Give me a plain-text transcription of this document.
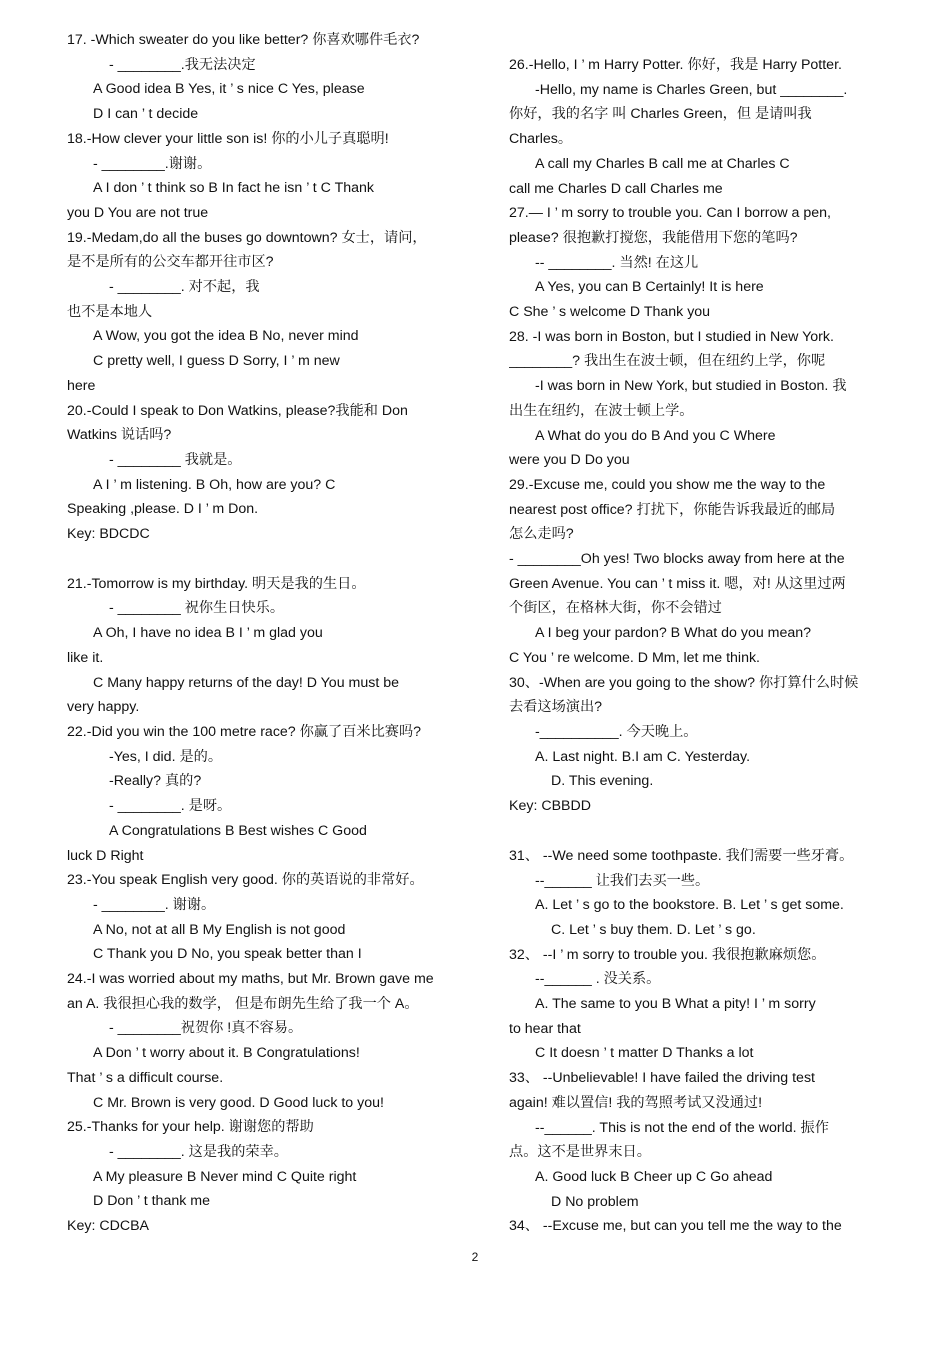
17. -Which sweater do you like better? 你喜欢哪件毛衣?
- ________.我无法决定
A Good idea B Yes, it ’ s nice C Yes, please
D I can ’ t decide
18.-How clever your little son is! 你的小儿子真聪明!
- ________.谢谢。
A I don ’ t think so B In fact he isn ’ t C Thank
you D You are not true
19.-Medam,do all the buses go downtown? 女士，请问，
是不是所有的公交车都开往市区?
- ________. 对不起，我
也不是本地人
A Wow, you got the idea B No, never mind
C pretty well, I guess D Sorry, I ’ m new
here
20.-Could I speak to Don Watkins, please?我能和 Don
Watkins 说话吗?
- ________ 我就是。
A I ’ m listening. B Oh, how are you? C
Speaking ,please. D I ’ m Don.
Key: BDCDC
21.-Tomorrow is my birthday. 明天是我的生日。
- ________ 祝你生日快乐。
A Oh, I have no idea B I ’ m glad you
like it.
C Many happy returns of the day! D You must be
very happy.
22.-Did you win the 100 metre race? 你赢了百米比赛吗?
-Yes, I did. 是的。
-Really? 真的?
- ________. 是呀。
A Congratulations B Best wishes C Good
luck D Right
23.-You speak English very good. 你的英语说的非常好。
- ________. 谢谢。
A No, not at all B My English is not good
C Thank you D No, you speak better than I
24.-I was worried about my maths, but Mr. Brown gave me
an A. 我很担心我的数学， 但是布朗先生给了我一个 A。
- ________祝贺你 !真不容易。
A Don ’ t worry about it. B Congratulations!
That ’ s a difficult course.
C Mr. Brown is very good. D Good luck to you!
25.-Thanks for your help. 谢谢您的帮助
- ________. 这是我的荣幸。
A My pleasure B Never mind C Quite right
D Don ’ t thank me
Key: CDCBA
26.-Hello, I ’ m Harry Potter. 你好，我是 Harry Potter.
-Hello, my name is Charles Green, but ________.
你好，我的名字 叫 Charles Green，但 是请叫我
Charles。
A call my Charles B call me at Charles C
call me Charles D call Charles me
27.— I ’ m sorry to trouble you. Can I borrow a pen,
please? 很抱歉打搅您，我能借用下您的笔吗?
-- ________. 当然! 在这儿
A Yes, you can B Certainly! It is here
C She ’ s welcome D Thank you
28. -I was born in Boston, but I studied in New York.
________? 我出生在波士顿，但在纽约上学，你呢
-I was born in New York, but studied in Boston. 我
出生在纽约，在波士顿上学。
A What do you do B And you C Where
were you D Do you
29.-Excuse me, could you show me the way to the
nearest post office? 打扰下，你能告诉我最近的邮局
怎么走吗?
- ________Oh yes! Two blocks away from here at the
Green Avenue. You can ’ t miss it. 嗯，对! 从这里过两
个街区，在格林大街，你不会错过
A I beg your pardon? B What do you mean?
C You ’ re welcome. D Mm, let me think.
30、-When are you going to the show? 你打算什么时候
去看这场演出?
-__________. 今天晚上。
A. Last night. B.I am C. Yesterday.
D. This evening.
Key: CBBDD
31、 --We need some toothpaste. 我们需要一些牙膏。
--______ 让我们去买一些。
A. Let ’ s go to the bookstore. B. Let ’ s get some.
C. Let ’ s buy them. D. Let ’ s go.
32、 --I ’ m sorry to trouble you. 我很抱歉麻烦您。
--______ . 没关系。
A. The same to you B What a pity! I ’ m sorry
to hear that
C It doesn ’ t matter D Thanks a lot
33、 --Unbelievable! I have failed the driving test
again! 难以置信! 我的驾照考试又没通过!
--______. This is not the end of the world. 振作
点。这不是世界末日。
A. Good luck B Cheer up C Go ahead
D No problem
34、 --Excuse me, but can you tell me the way to the
2
